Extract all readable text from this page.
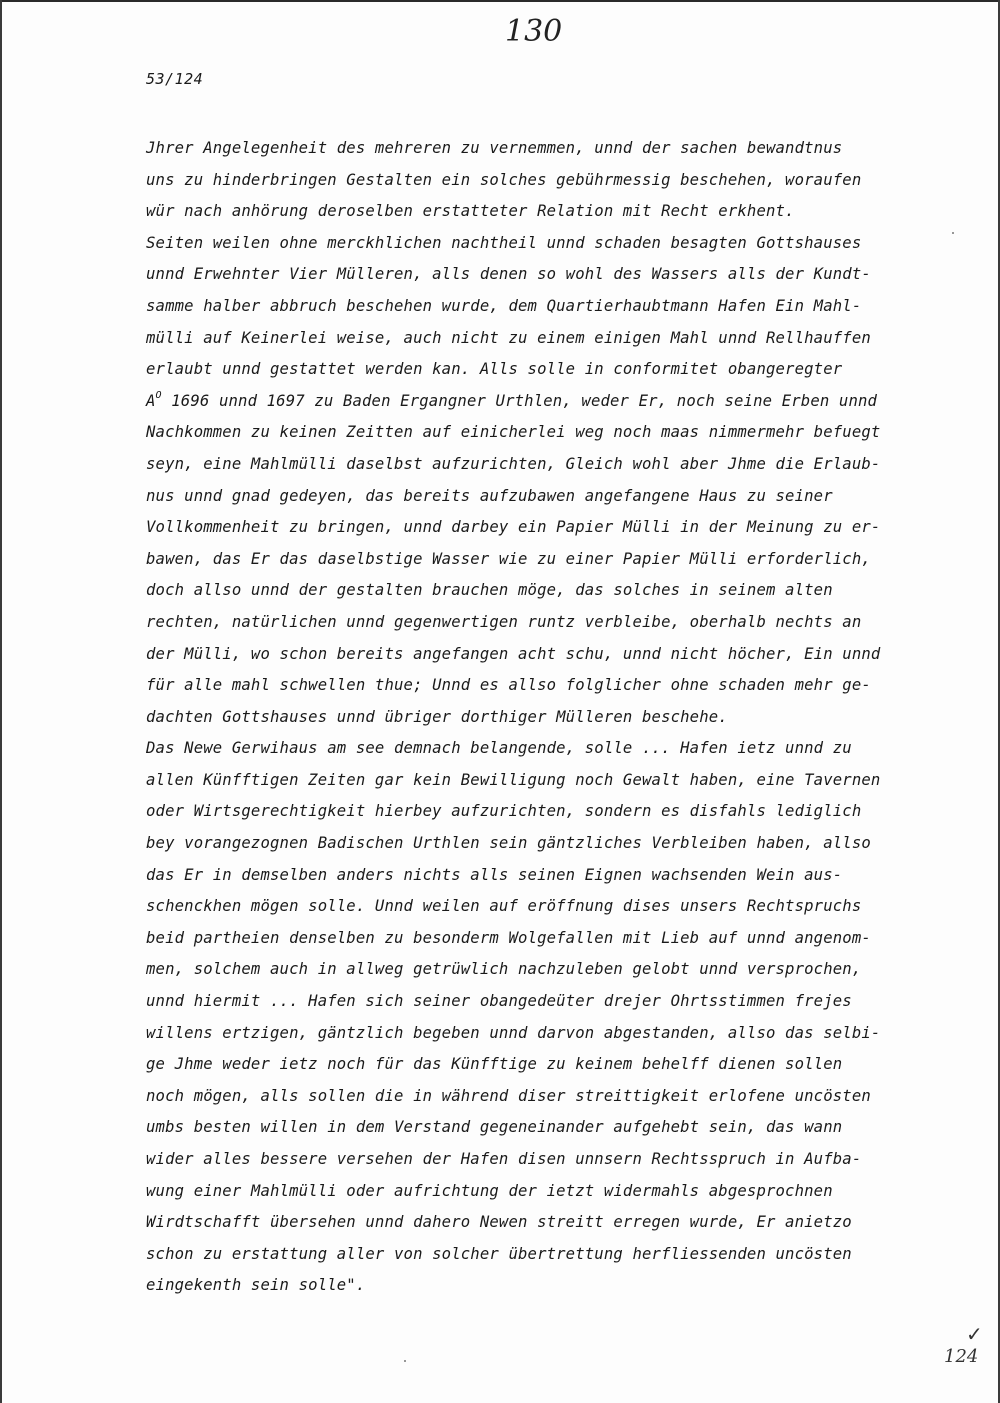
130
53/124
Jhrer Angelegenheit des mehreren zu vernemmen, unnd der sachen bewandtnus
uns zu hinderbringen Gestalten ein solches gebührmessig beschehen, woraufen
wür nach anhörung deroselben erstatteter Relation mit Recht erkhent.
Seiten weilen ohne merckhlichen nachtheil unnd schaden besagten Gottshauses
unnd Erwehnter Vier Mülleren, alls denen so wohl des Wassers alls der Kundt-
samme halber abbruch beschehen wurde, dem Quartierhaubtmann Hafen Ein Mahl-
mülli auf Keinerlei weise, auch nicht zu einem einigen Mahl unnd Rellhauffen
erlaubt unnd gestattet werden kan. Alls solle in conformitet obangeregter
$A^O$ 1696 unnd 1697 zu Baden Ergangner Urthlen, weder Er, noch seine Erben unnd
Nachkommen zu keinen Zeitten auf einicherlei weg noch maas nimmermehr befuegt
seyn, eine Mahlmülli daselbst aufzurichten, Gleich wohl aber Jhme die Erlaub-
nus unnd gnad gedeyen, das bereits aufzubawen angefangene Haus zu seiner
Vollkommenheit zu bringen, unnd darbey ein Papier Mülli in der Meinung zu er-
bawen, das Er das daselbstige Wasser wie zu einer Papier Mülli erforderlich,
doch allso unnd der gestalten brauchen möge, das solches in seinem alten
rechten, natürlichen unnd gegenwertigen runtz verbleibe, oberhalb nechts an
der Mülli, wo schon bereits angefangen acht schu, unnd nicht höcher, Ein unnd
für alle mahl schwellen thue; Unnd es allso folglicher ohne schaden mehr ge-
dachten Gottshauses unnd übriger dorthiger Mülleren beschehe.
Das Newe Gerwihaus am see demnach belangende, solle ... Hafen ietz unnd zu
allen Künfftigen Zeiten gar kein Bewilligung noch Gewalt haben, eine Tavernen
oder Wirtsgerechtigkeit hierbey aufzurichten, sondern es disfahls lediglich
bey vorangezognen Badischen Urthlen sein gäntzliches Verbleiben haben, allso
das Er in demselben anders nichts alls seinen Eignen wachsenden Wein aus-
schenckhen mögen solle. Unnd weilen auf eröffnung dises unsers Rechtspruchs
beid partheien denselben zu besonderm Wolgefallen mit Lieb auf unnd angenom-
men, solchem auch in allweg getrüwlich nachzuleben gelobt unnd versprochen,
unnd hiermit ... Hafen sich seiner obangedeüter drejer Ohrtsstimmen frejes
willens ertzigen, gäntzlich begeben unnd darvon abgestanden, allso das selbi-
ge Jhme weder ietz noch für das Künfftige zu keinem behelff dienen sollen
noch mögen, alls sollen die in während diser streittigkeit erlofene uncösten
umbs besten willen in dem Verstand gegeneinander aufgehebt sein, das wann
wider alles bessere versehen der Hafen disen unnsern Rechtsspruch in Aufba-
wung einer Mahlmülli oder aufrichtung der ietzt widermahls abgesprochnen
Wirdtschafft übersehen unnd dahero Newen streitt erregen wurde, Er anietzo
schon zu erstattung aller von solcher übertrettung herfliessenden uncösten
eingekenth sein solle".
✓
124
